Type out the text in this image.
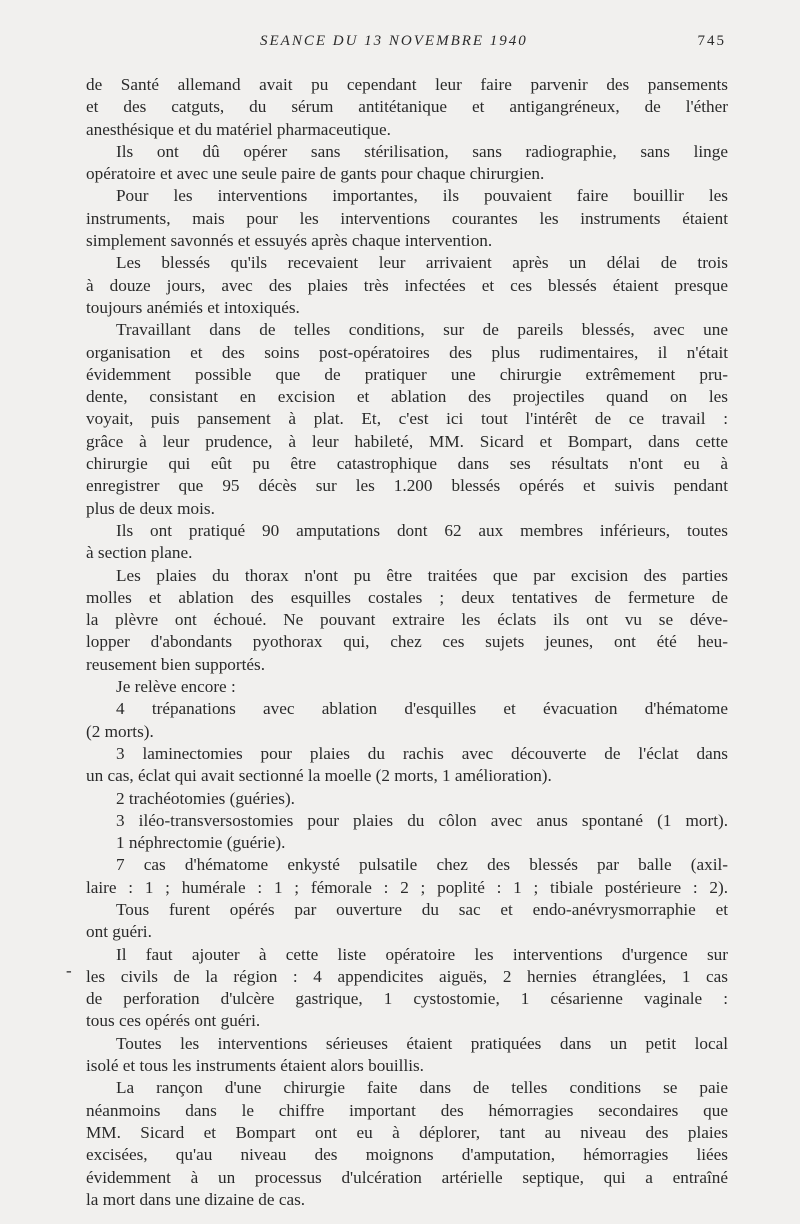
SEANCE DU 13 NOVEMBRE 1940	745
-
de Santé allemand avait pu cependant leur faire parvenir des pansements
et des catguts, du sérum antitétanique et antigangréneux, de l'éther
anesthésique et du matériel pharmaceutique.
Ils ont dû opérer sans stérilisation, sans radiographie, sans linge
opératoire et avec une seule paire de gants pour chaque chirurgien.
Pour les interventions importantes, ils pouvaient faire bouillir les
instruments, mais pour les interventions courantes les instruments étaient
simplement savonnés et essuyés après chaque intervention.
Les blessés qu'ils recevaient leur arrivaient après un délai de trois
à douze jours, avec des plaies très infectées et ces blessés étaient presque
toujours anémiés et intoxiqués.
Travaillant dans de telles conditions, sur de pareils blessés, avec une
organisation et des soins post-opératoires des plus rudimentaires, il n'était
évidemment possible que de pratiquer une chirurgie extrêmement pru-
dente, consistant en excision et ablation des projectiles quand on les
voyait, puis pansement à plat. Et, c'est ici tout l'intérêt de ce travail :
grâce à leur prudence, à leur habileté, MM. Sicard et Bompart, dans cette
chirurgie qui eût pu être catastrophique dans ses résultats n'ont eu à
enregistrer que 95 décès sur les 1.200 blessés opérés et suivis pendant
plus de deux mois.
Ils ont pratiqué 90 amputations dont 62 aux membres inférieurs, toutes
à section plane.
Les plaies du thorax n'ont pu être traitées que par excision des parties
molles et ablation des esquilles costales ; deux tentatives de fermeture de
la plèvre ont échoué. Ne pouvant extraire les éclats ils ont vu se déve-
lopper d'abondants pyothorax qui, chez ces sujets jeunes, ont été heu-
reusement bien supportés.
Je relève encore :
4 trépanations avec ablation d'esquilles et évacuation d'hématome
(2 morts).
3 laminectomies pour plaies du rachis avec découverte de l'éclat dans
un cas, éclat qui avait sectionné la moelle (2 morts, 1 amélioration).
2 trachéotomies (guéries).
3 iléo-transversostomies pour plaies du côlon avec anus spontané (1 mort).
1 néphrectomie (guérie).
7 cas d'hématome enkysté pulsatile chez des blessés par balle (axil-
laire : 1 ; humérale : 1 ; fémorale : 2 ; poplité : 1 ; tibiale postérieure : 2).
Tous furent opérés par ouverture du sac et endo-anévrysmorraphie et
ont guéri.
Il faut ajouter à cette liste opératoire les interventions d'urgence sur
les civils de la région : 4 appendicites aiguës, 2 hernies étranglées, 1 cas
de perforation d'ulcère gastrique, 1 cystostomie, 1 césarienne vaginale :
tous ces opérés ont guéri.
Toutes les interventions sérieuses étaient pratiquées dans un petit local
isolé et tous les instruments étaient alors bouillis.
La rançon d'une chirurgie faite dans de telles conditions se paie
néanmoins dans le chiffre important des hémorragies secondaires que
MM. Sicard et Bompart ont eu à déplorer, tant au niveau des plaies
excisées, qu'au niveau des moignons d'amputation, hémorragies liées
évidemment à un processus d'ulcération artérielle septique, qui a entraîné
la mort dans une dizaine de cas.
